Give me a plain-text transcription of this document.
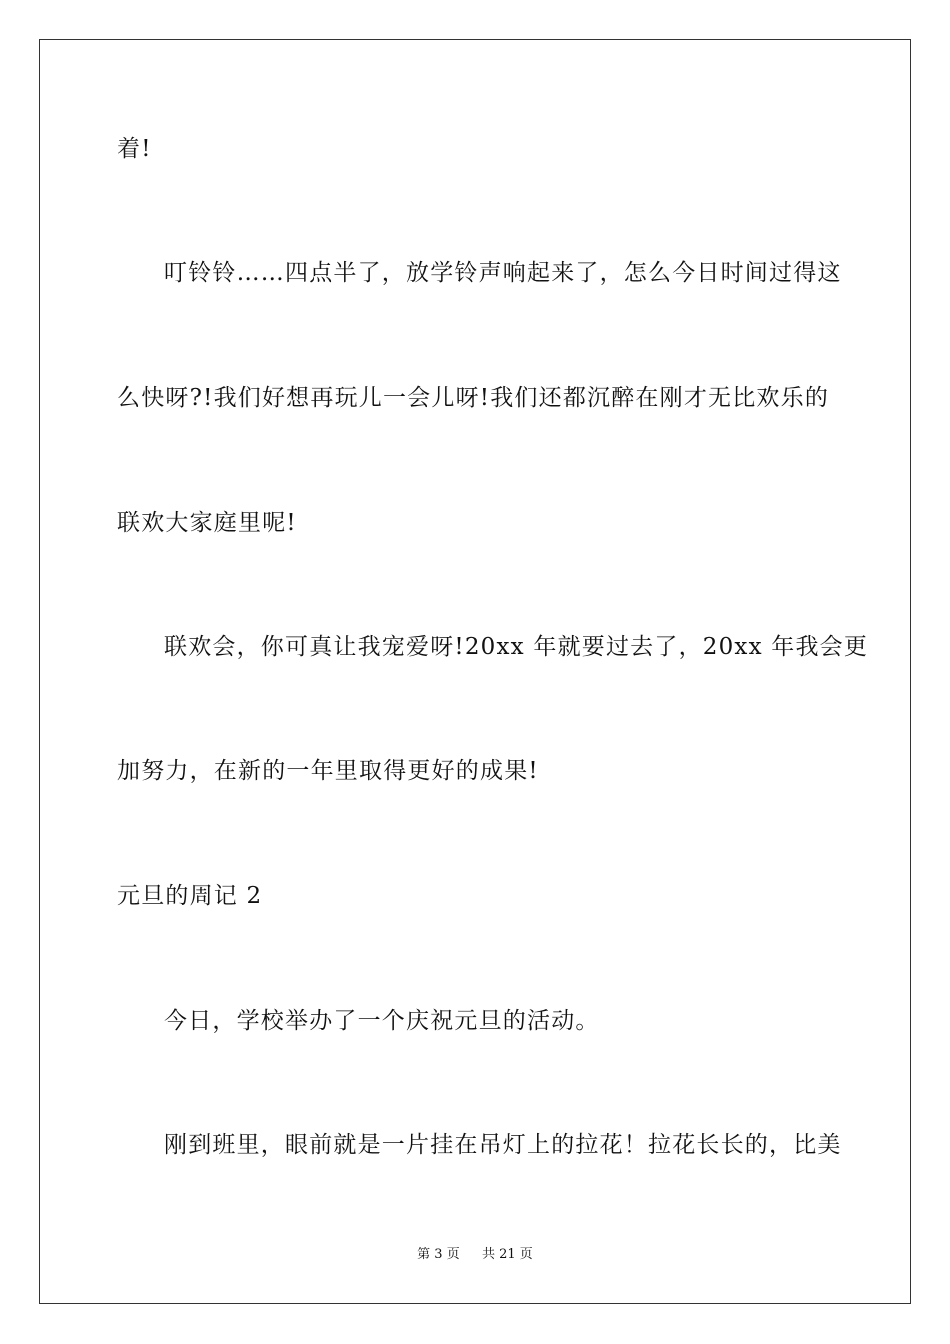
着!

叮铃铃……四点半了，放学铃声响起来了，怎么今日时间过得这

么快呀?!我们好想再玩儿一会儿呀!我们还都沉醉在刚才无比欢乐的

联欢大家庭里呢!

联欢会，你可真让我宠爱呀!20xx 年就要过去了，20xx 年我会更

加努力，在新的一年里取得更好的成果!

元旦的周记 2

今日，学校举办了一个庆祝元旦的活动。

刚到班里，眼前就是一片挂在吊灯上的拉花！拉花长长的，比美

第 3 页 共 21 页
